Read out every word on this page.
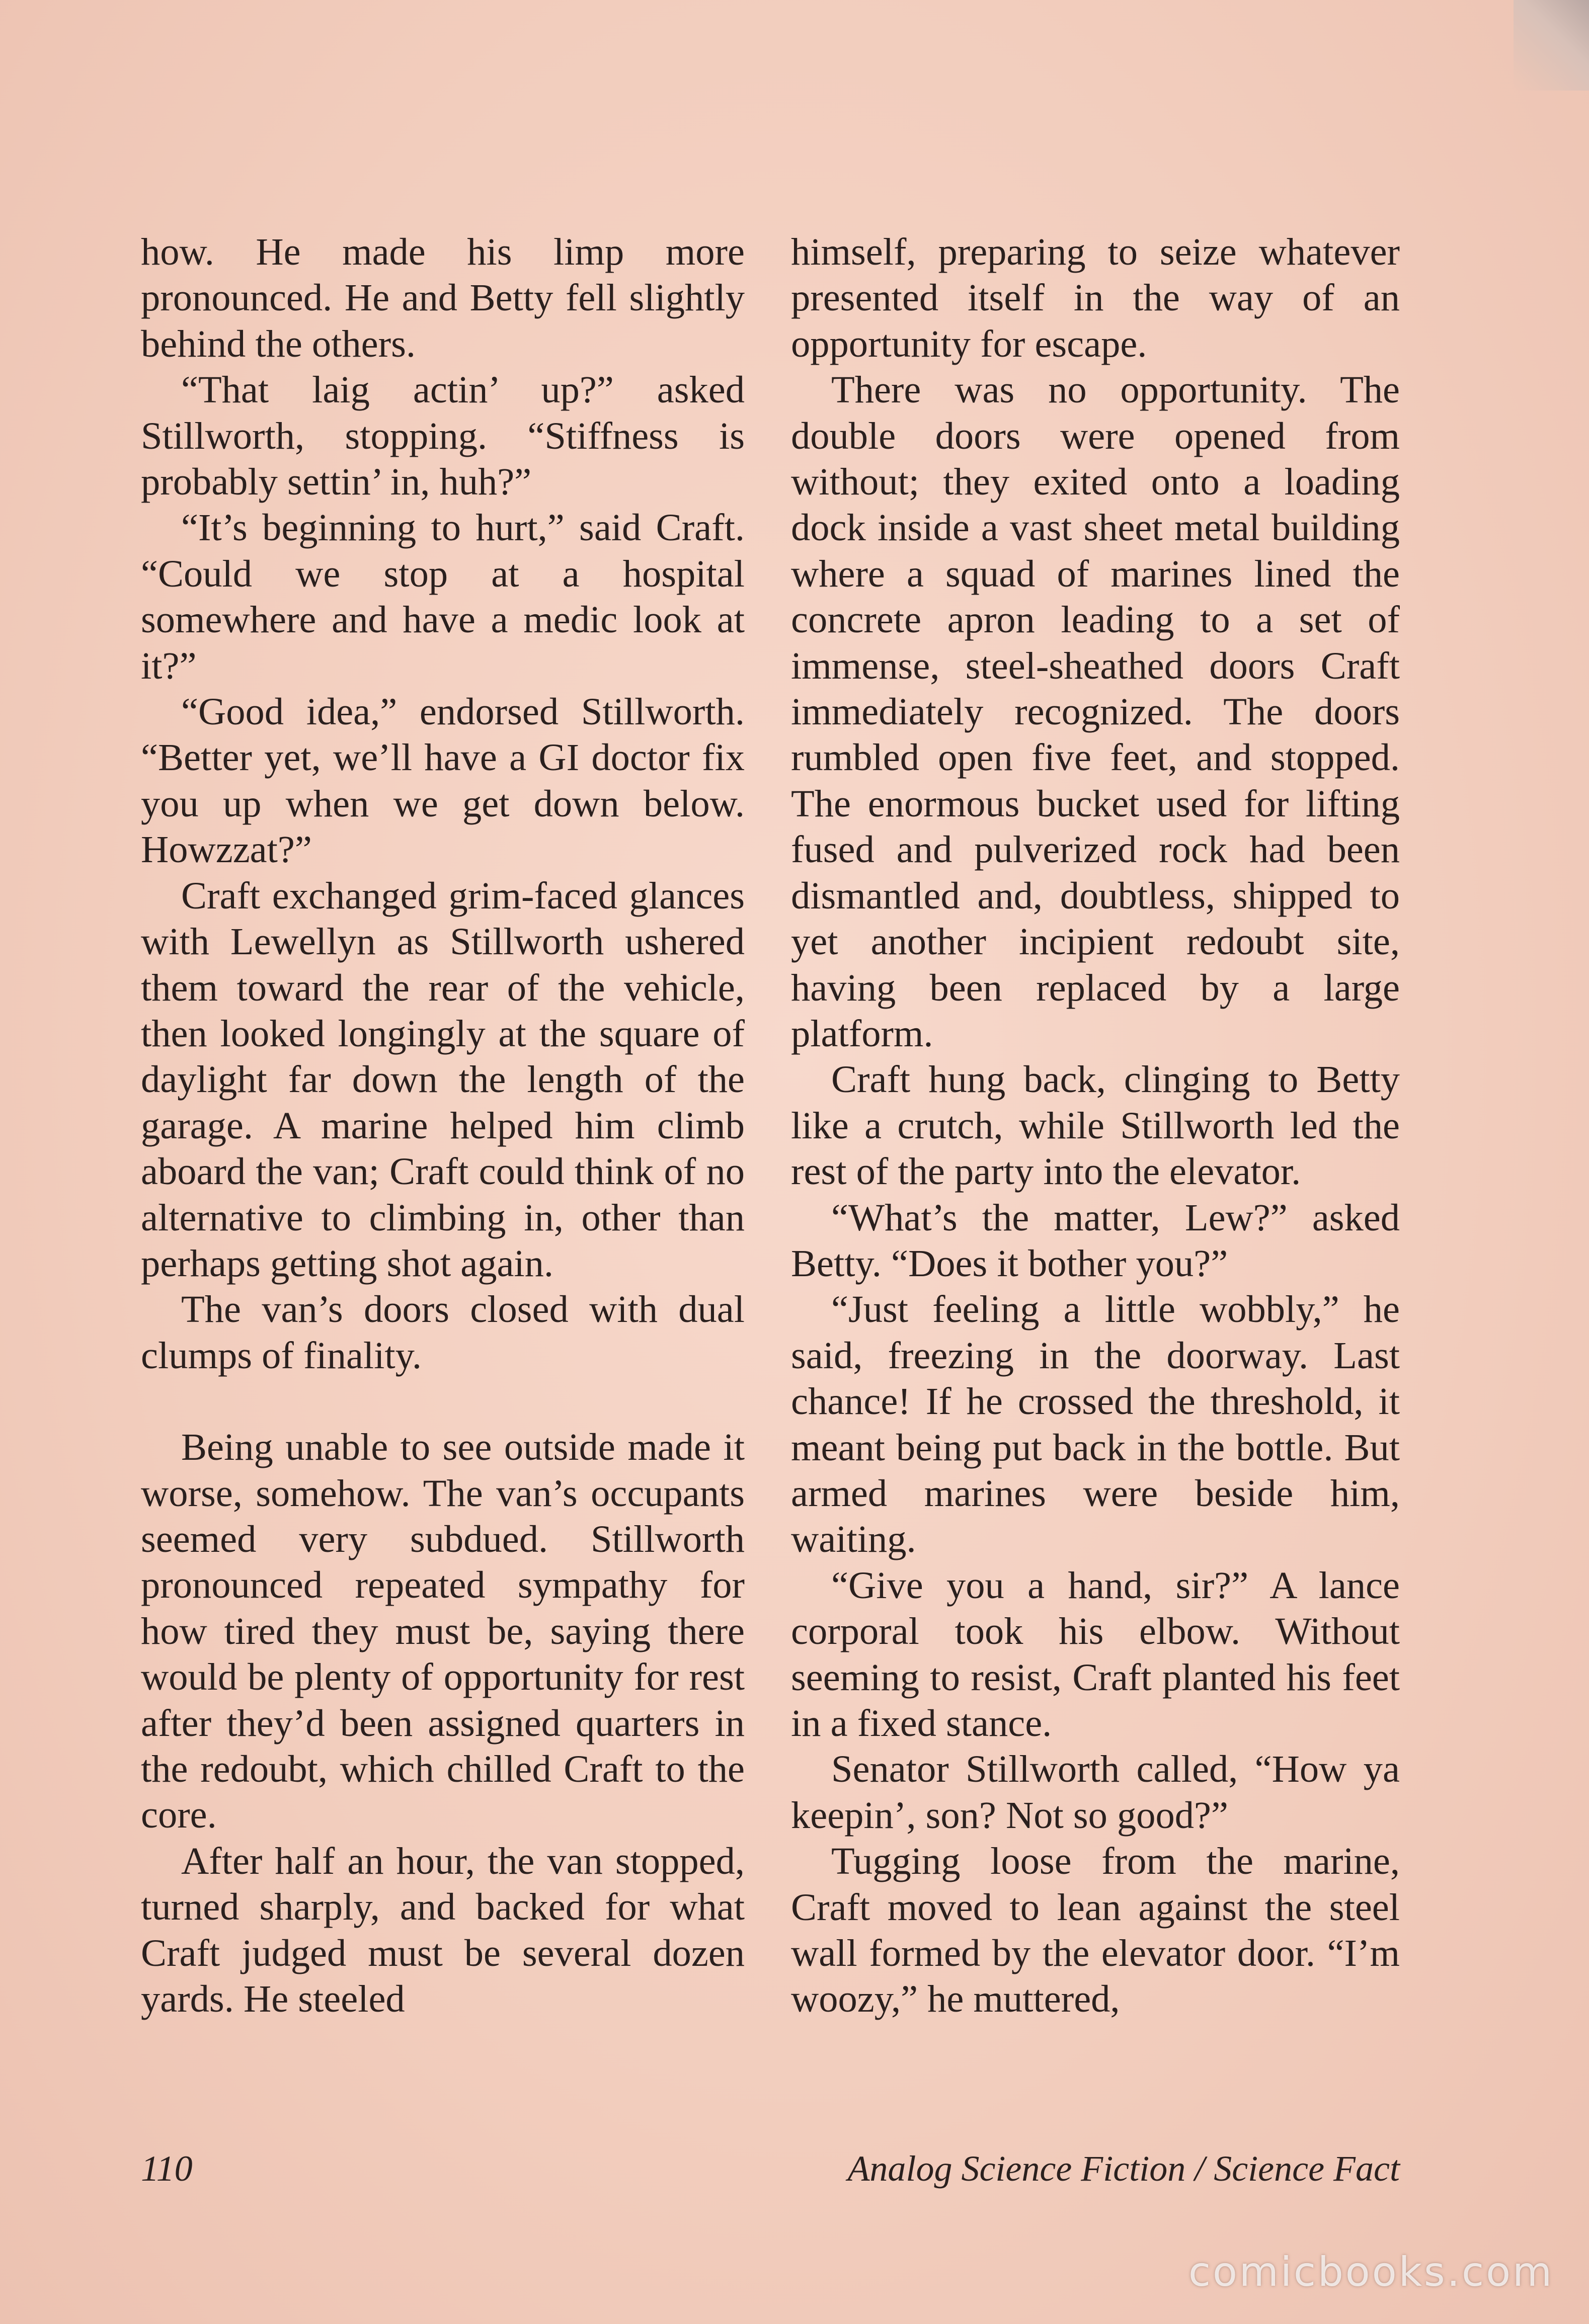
how. He made his limp more pronounced. He and Betty fell slightly behind the others.

“That laig actin’ up?” asked Stillworth, stopping. “Stiffness is probably settin’ in, huh?”

“It’s beginning to hurt,” said Craft. “Could we stop at a hospital somewhere and have a medic look at it?”

“Good idea,” endorsed Stillworth. “Better yet, we’ll have a GI doctor fix you up when we get down below. Howzzat?”

Craft exchanged grim-faced glances with Lewellyn as Stillworth ushered them toward the rear of the vehicle, then looked longingly at the square of daylight far down the length of the garage. A marine helped him climb aboard the van; Craft could think of no alternative to climbing in, other than perhaps getting shot again.

The van’s doors closed with dual clumps of finality.

Being unable to see outside made it worse, somehow. The van’s occupants seemed very subdued. Stillworth pronounced repeated sympathy for how tired they must be, saying there would be plenty of opportunity for rest after they’d been assigned quarters in the redoubt, which chilled Craft to the core.

After half an hour, the van stopped, turned sharply, and backed for what Craft judged must be several dozen yards. He steeled

himself, preparing to seize whatever presented itself in the way of an opportunity for escape.

There was no opportunity. The double doors were opened from without; they exited onto a loading dock inside a vast sheet metal building where a squad of marines lined the concrete apron leading to a set of immense, steel-sheathed doors Craft immediately recognized. The doors rumbled open five feet, and stopped. The enormous bucket used for lifting fused and pulverized rock had been dismantled and, doubtless, shipped to yet another incipient redoubt site, having been replaced by a large platform.

Craft hung back, clinging to Betty like a crutch, while Stillworth led the rest of the party into the elevator.

“What’s the matter, Lew?” asked Betty. “Does it bother you?”

“Just feeling a little wobbly,” he said, freezing in the doorway. Last chance! If he crossed the threshold, it meant being put back in the bottle. But armed marines were beside him, waiting.

“Give you a hand, sir?” A lance corporal took his elbow. Without seeming to resist, Craft planted his feet in a fixed stance.

Senator Stillworth called, “How ya keepin’, son? Not so good?”

Tugging loose from the marine, Craft moved to lean against the steel wall formed by the elevator door. “I’m woozy,” he muttered,

110	Analog Science Fiction / Science Fact
comicbooks.com
